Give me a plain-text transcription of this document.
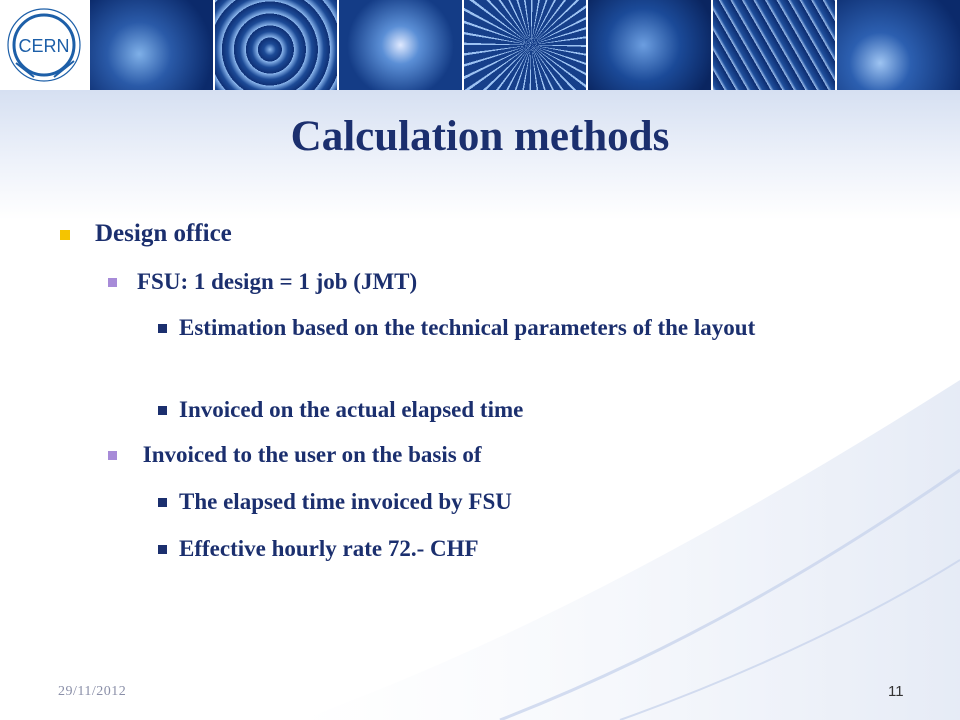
CERN
Calculation methods
Design office
FSU: 1 design = 1 job (JMT)
Estimation based on the technical parameters of the layout
Invoiced on the actual elapsed time
Invoiced to the user on the basis of
The elapsed time invoiced by FSU
Effective hourly rate 72.- CHF
29/11/2012	11
